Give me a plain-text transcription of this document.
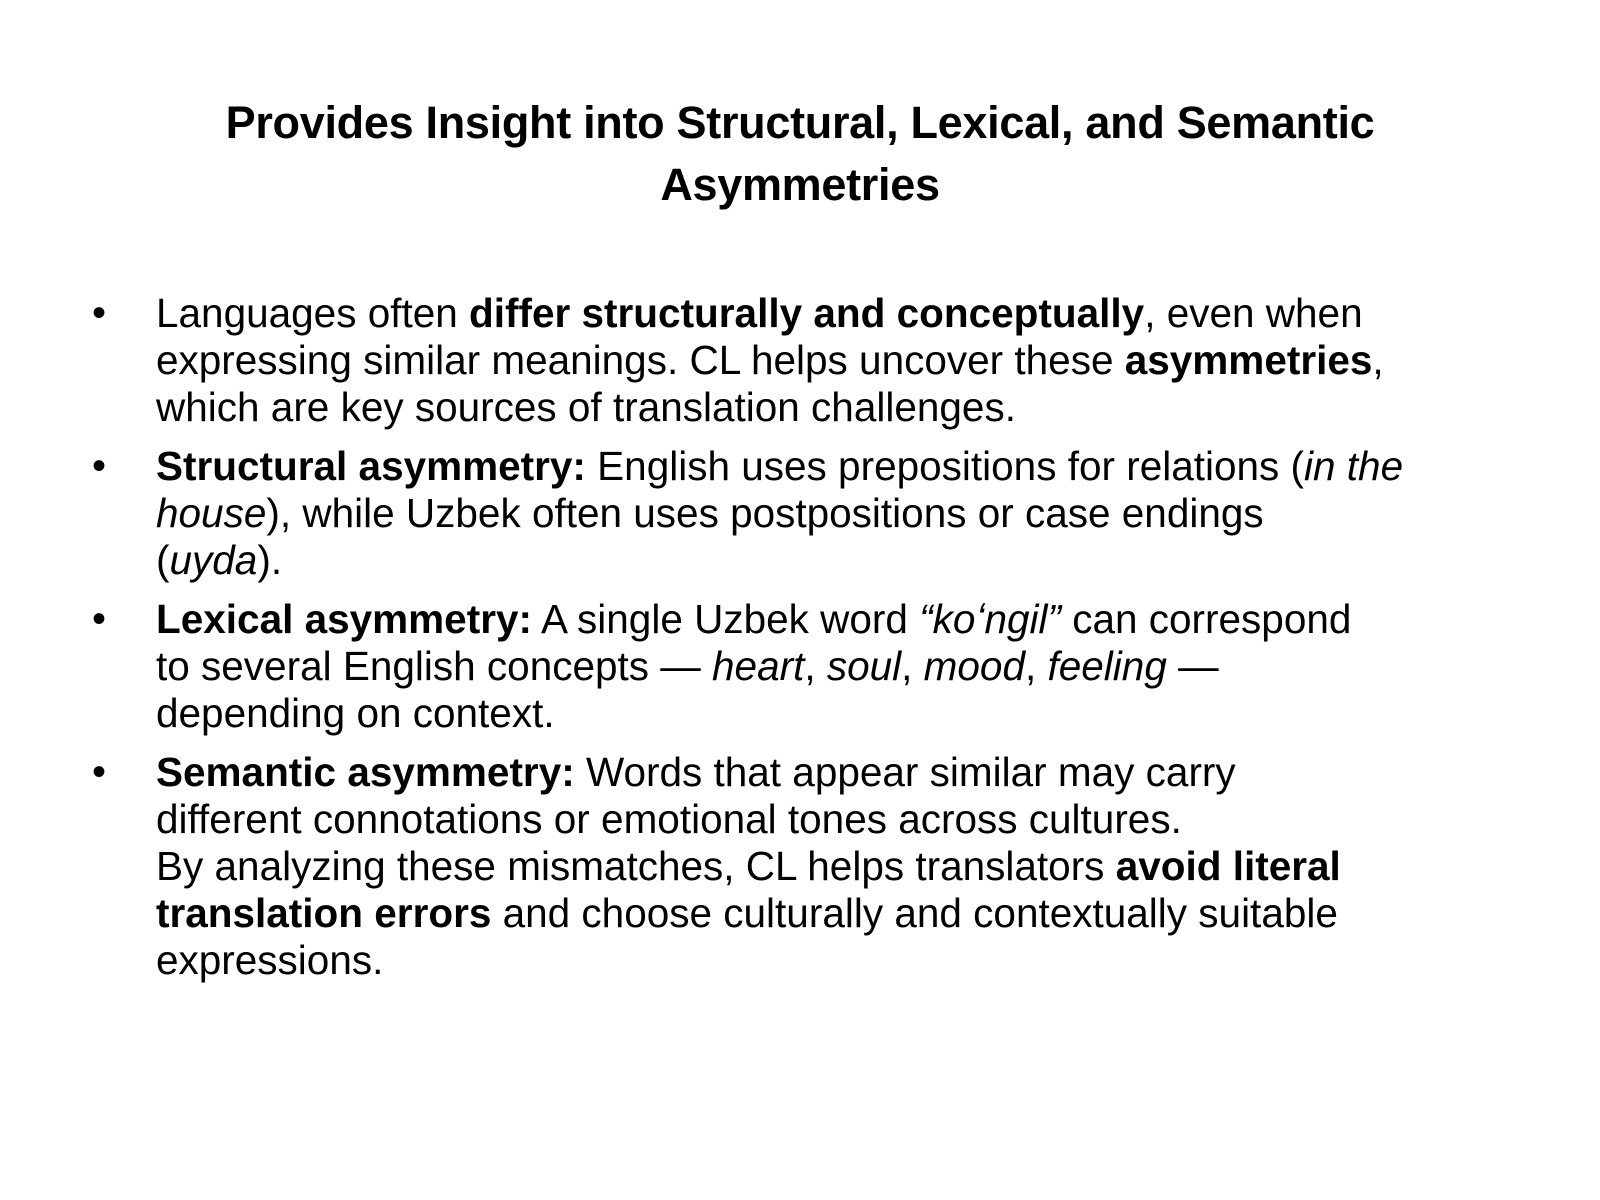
Provides Insight into Structural, Lexical, and Semantic
Asymmetries
•	Languages often differ structurally and conceptually, even when
expressing similar meanings. CL helps uncover these asymmetries,
which are key sources of translation challenges.
•	Structural asymmetry: English uses prepositions for relations (in the
house), while Uzbek often uses postpositions or case endings
(uyda).
•	Lexical asymmetry: A single Uzbek word “koʻngil” can correspond
to several English concepts — heart, soul, mood, feeling —
depending on context.
•	Semantic asymmetry: Words that appear similar may carry
different connotations or emotional tones across cultures.
By analyzing these mismatches, CL helps translators avoid literal
translation errors and choose culturally and contextually suitable
expressions.
